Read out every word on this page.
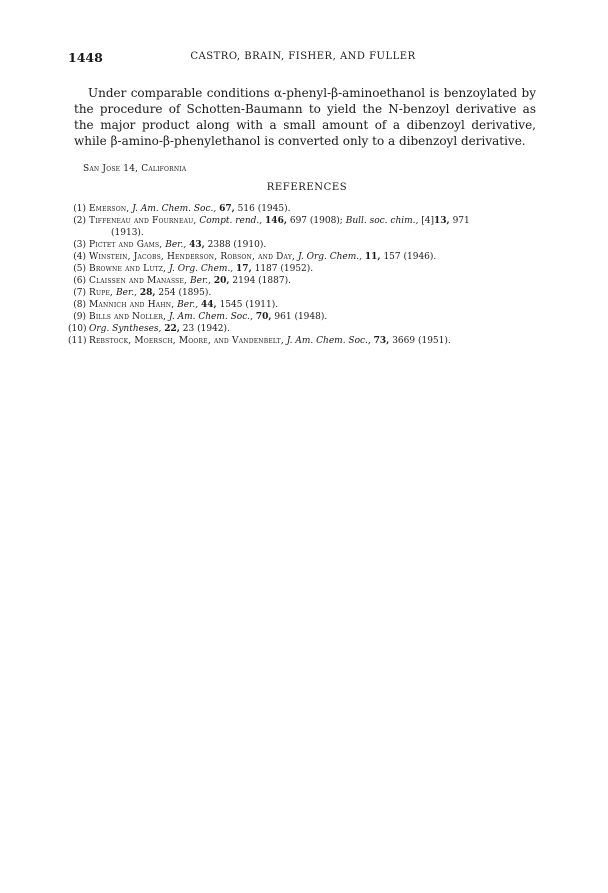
1448	CASTRO, BRAIN, FISHER, AND FULLER

Under comparable conditions α-phenyl-β-aminoethanol is benzoylated by the procedure of Schotten-Baumann to yield the N-benzoyl derivative as the major product along with a small amount of a dibenzoyl derivative, while β-amino-β-phenylethanol is converted only to a dibenzoyl derivative.

San Jose 14, California
REFERENCES
(1) Emerson, J. Am. Chem. Soc., 67, 516 (1945).
(2) Tiffeneau and Fourneau, Compt. rend., 146, 697 (1908); Bull. soc. chim., [4]13, 971
(1913).
(3) Pictet and Gams, Ber., 43, 2388 (1910).
(4) Winstein, Jacobs, Henderson, Robson, and Day, J. Org. Chem., 11, 157 (1946).
(5) Browne and Lutz, J. Org. Chem., 17, 1187 (1952).
(6) Claissen and Manasse, Ber., 20, 2194 (1887).
(7) Rupe, Ber., 28, 254 (1895).
(8) Mannich and Hahn, Ber., 44, 1545 (1911).
(9) Bills and Noller, J. Am. Chem. Soc., 70, 961 (1948).
(10) Org. Syntheses, 22, 23 (1942).
(11) Rebstock, Moersch, Moore, and Vandenbelt, J. Am. Chem. Soc., 73, 3669 (1951).
